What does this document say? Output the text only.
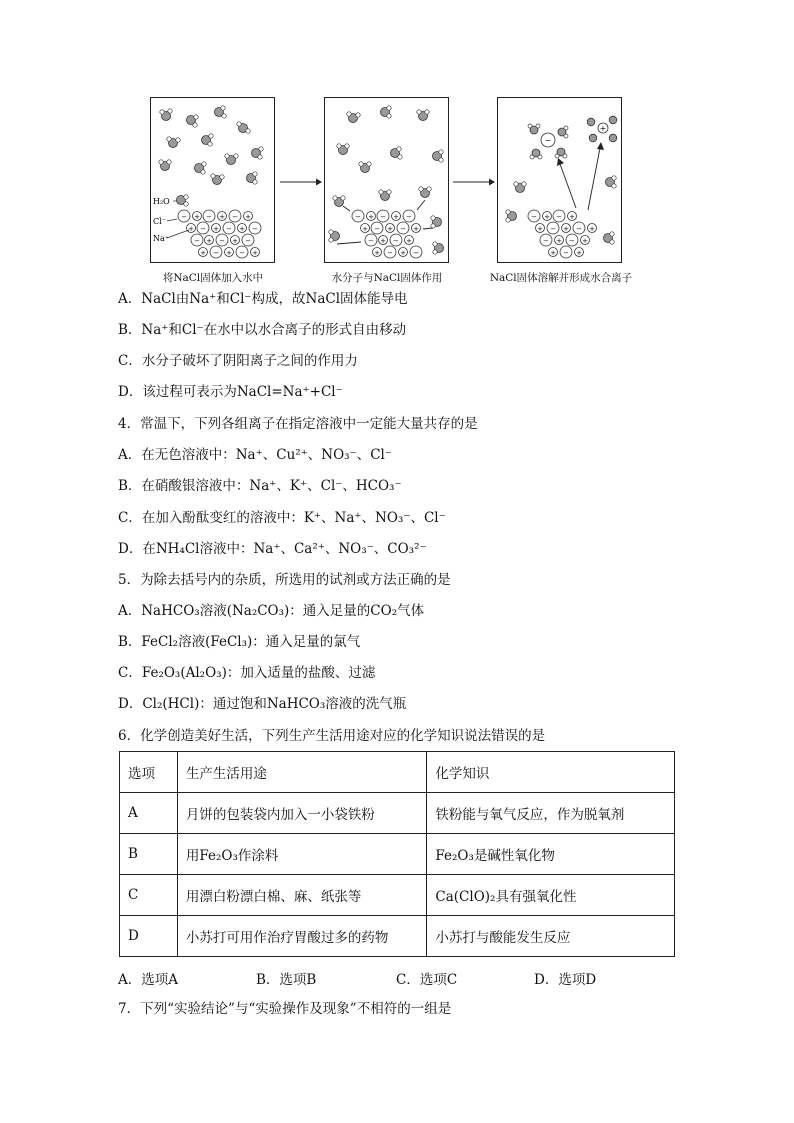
− + − + − +
+ − + − + −
− + − + −
+ − + − +
H₂O
Cl⁻
Na⁺
− + − + −
+ − + − +
− + − +
+ − + −
−
+
− + − +
+ − + − +
− + − +
+ − +
将NaCl固体加入水中	水分子与NaCl固体作用	NaCl固体溶解并形成水合离子
A．NaCl由Na⁺和Cl⁻构成，故NaCl固体能导电
B．Na⁺和Cl⁻在水中以水合离子的形式自由移动
C．水分子破坏了阴阳离子之间的作用力
D．该过程可表示为NaCl=Na⁺+Cl⁻
4．常温下，下列各组离子在指定溶液中一定能大量共存的是
A．在无色溶液中：Na⁺、Cu²⁺、NO₃⁻、Cl⁻
B．在硝酸银溶液中：Na⁺、K⁺、Cl⁻、HCO₃⁻
C．在加入酚酞变红的溶液中：K⁺、Na⁺、NO₃⁻、Cl⁻
D．在NH₄Cl溶液中：Na⁺、Ca²⁺、NO₃⁻、CO₃²⁻
5．为除去括号内的杂质，所选用的试剂或方法正确的是
A．NaHCO₃溶液(Na₂CO₃)：通入足量的CO₂气体
B．FeCl₂溶液(FeCl₃)：通入足量的氯气
C．Fe₂O₃(Al₂O₃)：加入适量的盐酸、过滤
D．Cl₂(HCl)：通过饱和NaHCO₃溶液的洗气瓶
6．化学创造美好生活，下列生产生活用途对应的化学知识说法错误的是
选项	生产生活用途	化学知识
A	月饼的包装袋内加入一小袋铁粉	铁粉能与氧气反应，作为脱氧剂
B	用Fe₂O₃作涂料	Fe₂O₃是碱性氧化物
C	用漂白粉漂白棉、麻、纸张等	Ca(ClO)₂具有强氧化性
D	小苏打可用作治疗胃酸过多的药物	小苏打与酸能发生反应
A．选项A	B．选项B	C．选项C	D．选项D
7．下列“实验结论”与“实验操作及现象”不相符的一组是
